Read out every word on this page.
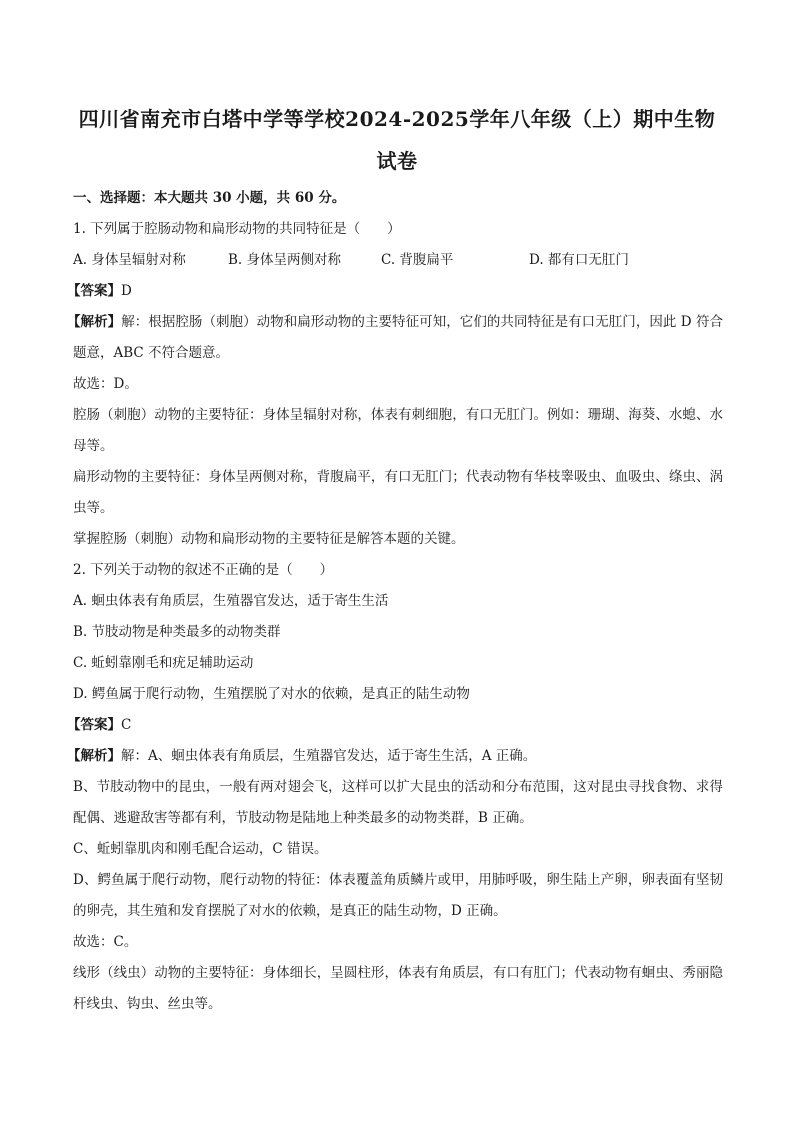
四川省南充市白塔中学等学校2024-2025学年八年级（上）期中生物
试卷

一、选择题：本大题共 30 小题，共 60 分。

1. 下列属于腔肠动物和扁形动物的共同特征是（　　）

A. 身体呈辐射对称	B. 身体呈两侧对称	C. 背腹扁平	D. 都有口无肛门

【答案】D

【解析】解：根据腔肠（刺胞）动物和扁形动物的主要特征可知，它们的共同特征是有口无肛门，因此 D 符合题意，ABC 不符合题意。

故选：D。

腔肠（刺胞）动物的主要特征：身体呈辐射对称，体表有刺细胞，有口无肛门。例如：珊瑚、海葵、水螅、水母等。

扁形动物的主要特征：身体呈两侧对称，背腹扁平，有口无肛门；代表动物有华枝睾吸虫、血吸虫、绦虫、涡虫等。

掌握腔肠（刺胞）动物和扁形动物的主要特征是解答本题的关键。

2. 下列关于动物的叙述不正确的是（　　）

A. 蛔虫体表有角质层，生殖器官发达，适于寄生生活

B. 节肢动物是种类最多的动物类群

C. 蚯蚓靠刚毛和疣足辅助运动

D. 鳄鱼属于爬行动物，生殖摆脱了对水的依赖，是真正的陆生动物

【答案】C

【解析】解：A、蛔虫体表有角质层，生殖器官发达，适于寄生生活，A 正确。

B、节肢动物中的昆虫，一般有两对翅会飞，这样可以扩大昆虫的活动和分布范围，这对昆虫寻找食物、求得配偶、逃避敌害等都有利，节肢动物是陆地上种类最多的动物类群，B 正确。

C、蚯蚓靠肌肉和刚毛配合运动，C 错误。

D、鳄鱼属于爬行动物，爬行动物的特征：体表覆盖角质鳞片或甲，用肺呼吸，卵生陆上产卵，卵表面有坚韧的卵壳，其生殖和发育摆脱了对水的依赖，是真正的陆生动物，D 正确。

故选：C。

线形（线虫）动物的主要特征：身体细长，呈圆柱形，体表有角质层，有口有肛门；代表动物有蛔虫、秀丽隐杆线虫、钩虫、丝虫等。
